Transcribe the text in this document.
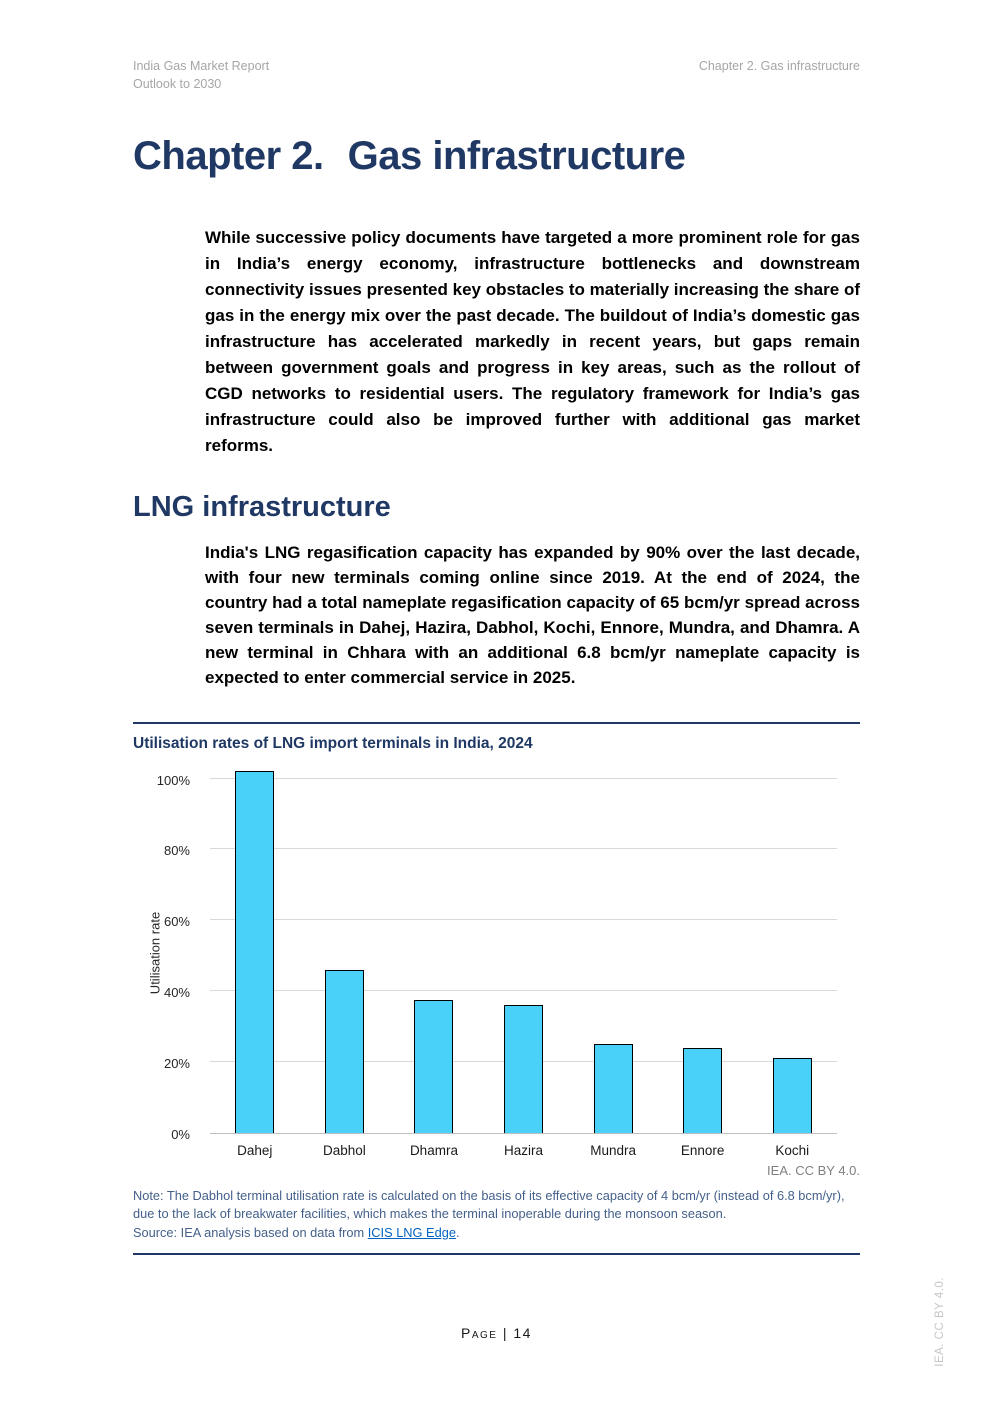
India Gas Market Report
Outlook to 2030
Chapter 2. Gas infrastructure
Chapter 2. Gas infrastructure

While successive policy documents have targeted a more prominent role for gas in India’s energy economy, infrastructure bottlenecks and downstream connectivity issues presented key obstacles to materially increasing the share of gas in the energy mix over the past decade. The buildout of India’s domestic gas infrastructure has accelerated markedly in recent years, but gaps remain between government goals and progress in key areas, such as the rollout of CGD networks to residential users. The regulatory framework for India’s gas infrastructure could also be improved further with additional gas market reforms.

LNG infrastructure

India's LNG regasification capacity has expanded by 90% over the last decade, with four new terminals coming online since 2019. At the end of 2024, the country had a total nameplate regasification capacity of 65 bcm/yr spread across seven terminals in Dahej, Hazira, Dabhol, Kochi, Ennore, Mundra, and Dhamra. A new terminal in Chhara with an additional 6.8 bcm/yr nameplate capacity is expected to enter commercial service in 2025.

Utilisation rates of LNG import terminals in India, 2024
Utilisation rate
0%
20%
40%
60%
80%
100%
Dahej	Dabhol	Dhamra	Hazira	Mundra	Ennore	Kochi
IEA. CC BY 4.0.
Note: The Dabhol terminal utilisation rate is calculated on the basis of its effective capacity of 4 bcm/yr (instead of 6.8 bcm/yr), due to the lack of breakwater facilities, which makes the terminal inoperable during the monsoon season.
Source: IEA analysis based on data from ICIS LNG Edge.
Page | 14	IEA. CC BY 4.0.
